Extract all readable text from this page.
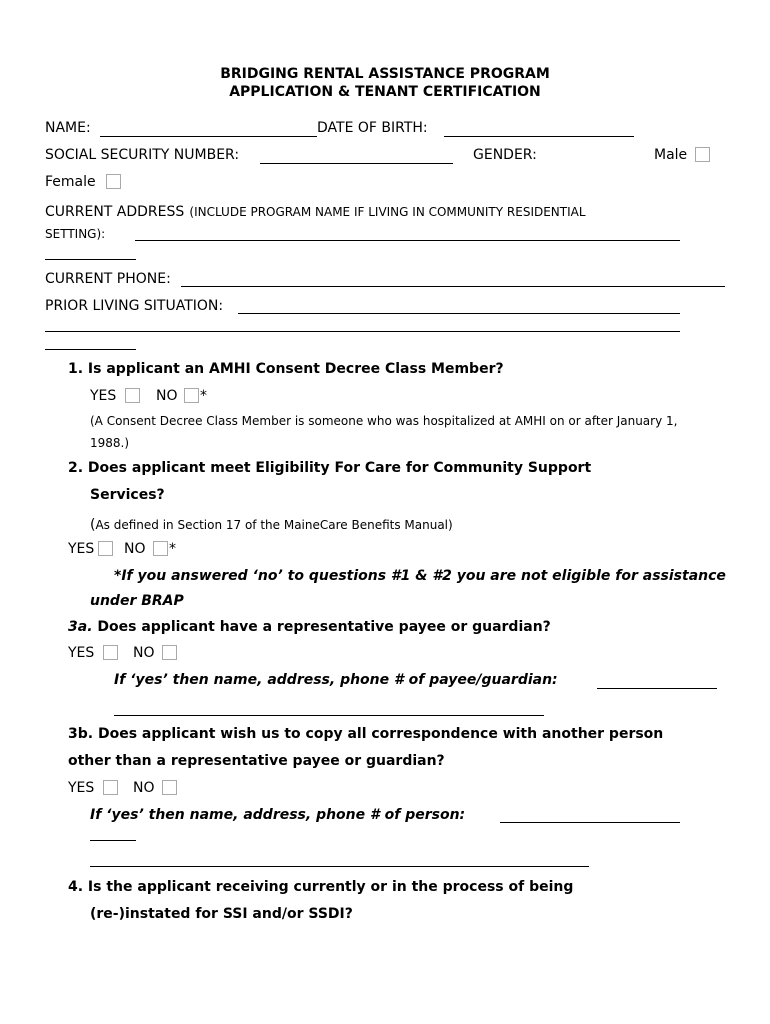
BRIDGING RENTAL ASSISTANCE PROGRAM
APPLICATION & TENANT CERTIFICATION
NAME:	DATE OF BIRTH:
SOCIAL SECURITY NUMBER:	GENDER:	Male
Female
CURRENT ADDRESS (INCLUDE PROGRAM NAME IF LIVING IN COMMUNITY RESIDENTIAL
SETTING):
CURRENT PHONE:
PRIOR LIVING SITUATION:
1. Is applicant an AMHI Consent Decree Class Member?
YES	NO *
(A Consent Decree Class Member is someone who was hospitalized at AMHI on or after January 1,
1988.)
2. Does applicant meet Eligibility For Care for Community Support
Services?
(As defined in Section 17 of the MaineCare Benefits Manual)
YES NO *
*If you answered ‘no’ to questions #1 & #2 you are not eligible for assistance
under BRAP
3a. Does applicant have a representative payee or guardian?
YES	NO
If ‘yes’ then name, address, phone # of payee/guardian:
3b. Does applicant wish us to copy all correspondence with another person
other than a representative payee or guardian?
YES	NO
If ‘yes’ then name, address, phone # of person:
4. Is the applicant receiving currently or in the process of being
(re-)instated for SSI and/or SSDI?
